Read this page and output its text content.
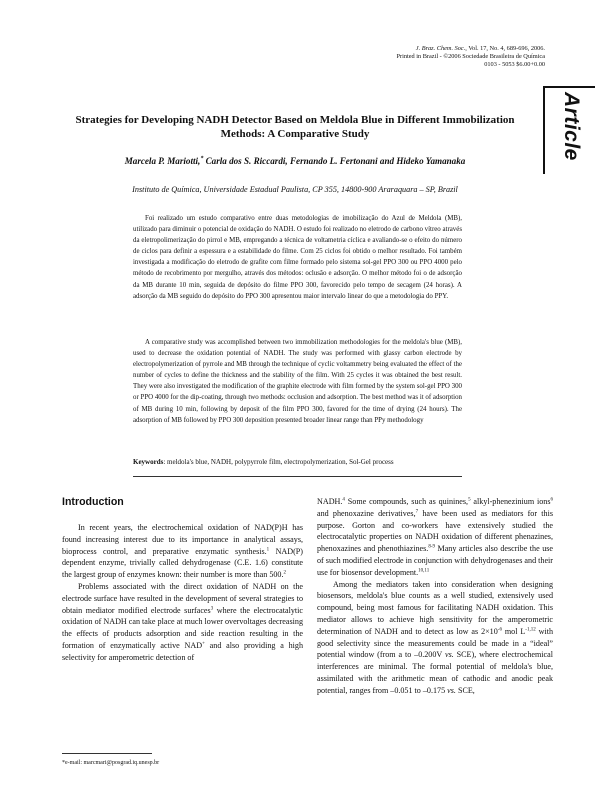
J. Braz. Chem. Soc., Vol. 17, No. 4, 689-696, 2006.
Printed in Brazil - ©2006 Sociedade Brasileira de Química
0103 - 5053 $6.00+0.00
Article
Strategies for Developing NADH Detector Based on Meldola Blue in Different Immobilization Methods: A Comparative Study
Marcela P. Mariotti,* Carla dos S. Riccardi, Fernando L. Fertonani and Hideko Yamanaka
Instituto de Química, Universidade Estadual Paulista, CP 355, 14800-900 Araraquara – SP, Brazil
Foi realizado um estudo comparativo entre duas metodologias de imobilização do Azul de Meldola (MB), utilizado para diminuir o potencial de oxidação do NADH. O estudo foi realizado no eletrodo de carbono vítreo através da eletropolimerização do pirrol e MB, empregando a técnica de voltametria cíclica e avaliando-se o efeito do número de ciclos para definir a espessura e a estabilidade do filme. Com 25 ciclos foi obtido o melhor resultado. Foi também investigada a modificação do eletrodo de grafite com filme formado pelo sistema sol-gel PPO 300 ou PPO 4000 pelo método de recobrimento por mergulho, através dos métodos: oclusão e adsorção. O melhor método foi o de adsorção da MB durante 10 min, seguida de depósito do filme PPO 300, favorecido pelo tempo de secagem (24 horas). A adsorção da MB seguido do depósito do PPO 300 apresentou maior intervalo linear do que a metodologia do PPY.
A comparative study was accomplished between two immobilization methodologies for the meldola's blue (MB), used to decrease the oxidation potential of NADH. The study was performed with glassy carbon electrode by electropolymerization of pyrrole and MB through the technique of cyclic voltammetry being evaluated the effect of the number of cycles to define the thickness and the stability of the film. With 25 cycles it was obtained the best result. They were also investigated the modification of the graphite electrode with film formed by the system sol-gel PPO 300 or PPO 4000 for the dip-coating, through two methods: occlusion and adsorption. The best method was it of adsorption of MB during 10 min, following by deposit of the film PPO 300, favored for the time of drying (24 hours). The adsorption of MB followed by PPO 300 deposition presented broader linear range than PPy methodology
Keywords: meldola's blue, NADH, polypyrrole film, electropolymerization, Sol-Gel process
Introduction

In recent years, the electrochemical oxidation of NAD(P)H has found increasing interest due to its importance in analytical assays, bioprocess control, and preparative enzymatic synthesis.$^1$ NAD(P) dependent enzyme, trivially called dehydrogenase (C.E. 1.6) constitute the largest group of enzymes known: their number is more than 500.$^2$

Problems associated with the direct oxidation of NADH on the electrode surface have resulted in the development of several strategies to obtain mediator modified electrode surfaces$^3$ where the electrocatalytic oxidation of NADH can take place at much lower overvoltages decreasing the effects of products adsorption and side reaction resulting in the formation of enzymatically active NAD+ and also providing a high selectivity for amperometric detection of

NADH.$^4$ Some compounds, such as quinines,$^5$ alkyl-phenezinium ions$^6$ and phenoxazine derivatives,$^7$ have been used as mediators for this purpose. Gorton and co-workers have extensively studied the electrocatalytic properties on NADH oxidation of different phenazines, phenoxazines and phenothiazines.$^{8-9}$ Many articles also describe the use of such modified electrode in conjunction with dehydrogenases and their use for biosensor development.$^{10,11}$

Among the mediators taken into consideration when designing biosensors, meldola's blue counts as a well studied, extensively used compound, being most famous for facilitating NADH oxidation. This mediator allows to achieve high sensitivity for the amperometric determination of NADH and to detect as low as $2\times 10^{-6}$ mol $L^{-1,12}$ with good selectivity since the measurements could be made in a “ideal” potential window (from a to –0.200V vs. SCE), where electrochemical interferences are minimal. The formal potential of meldola's blue, assimilated with the arithmetic mean of cathodic and anodic peak potential, ranges from –0.051 to –0.175 vs. SCE,

*e-mail: marcmari@posgrad.iq.unesp.br
